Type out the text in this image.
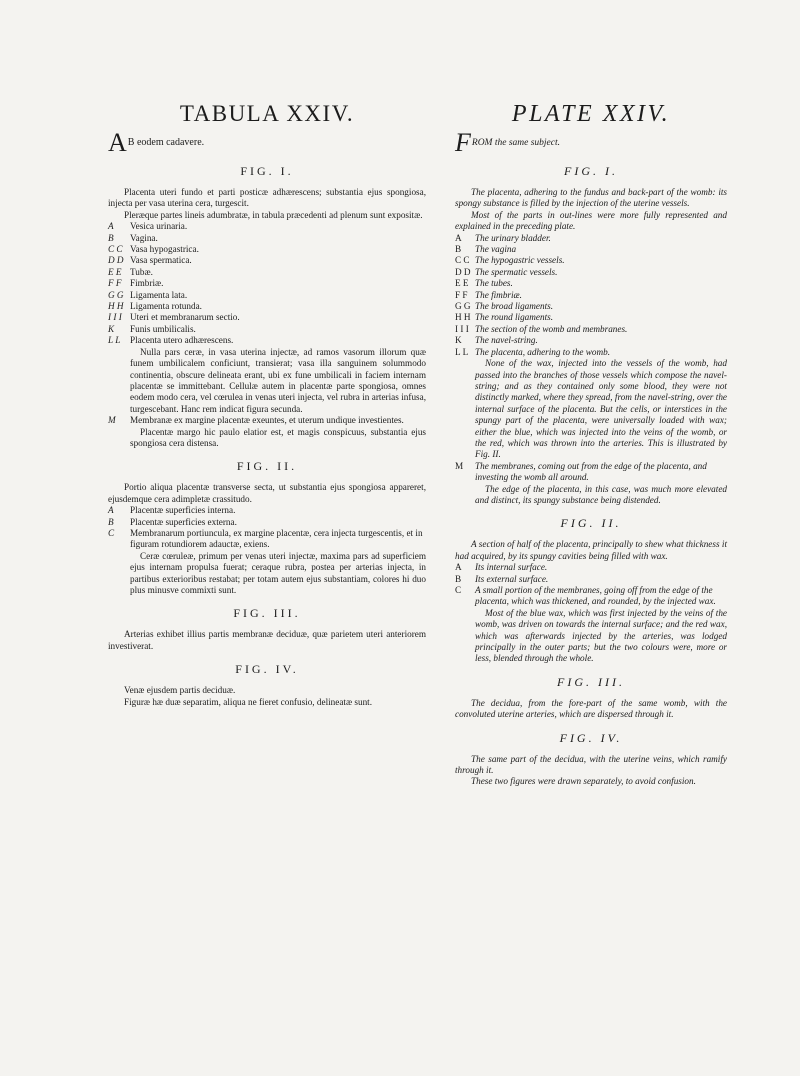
TABULA XXIV.

AB eodem cadavere.

FIG. I.

Placenta uteri fundo et parti posticæ adhærescens; substantia ejus spongiosa, injecta per vasa uterina cera, turgescit.

Pleræque partes lineis adumbratæ, in tabula præcedenti ad plenum sunt expositæ.

A	Vesica urinaria.
B	Vagina.
C C Vasa hypogastrica.
D D Vasa spermatica.
E E Tubæ.
F F Fimbriæ.
G G Ligamenta lata.
H H Ligamenta rotunda.
I I I Uteri et membranarum sectio.
K	Funis umbilicalis.
L L	Placenta utero adhærescens.

Nulla pars ceræ, in vasa uterina injectæ, ad ramos vasorum illorum quæ funem umbilicalem conficiunt, transierat; vasa illa sanguinem solummodo continentia, obscure delineata erant, ubi ex fune umbilicali in faciem internam placentæ se immittebant. Cellulæ autem in placentæ parte spongiosa, omnes eodem modo cera, vel cœrulea in venas uteri injecta, vel rubra in arterias infusa, turgescebant. Hanc rem indicat figura secunda.

M	Membranæ ex margine placentæ exeuntes, et uterum undique investientes.

Placentæ margo hic paulo elatior est, et magis conspicuus, substantia ejus spongiosa cera distensa.

FIG. II.

Portio aliqua placentæ transverse secta, ut substantia ejus spongiosa appareret, ejusdemque cera adimpletæ crassitudo.

A	Placentæ superficies interna.
B	Placentæ superficies externa.
C	Membranarum portiuncula, ex margine placentæ, cera injecta turgescentis, et in figuram rotundiorem adauctæ, exiens.

Ceræ cœruleæ, primum per venas uteri injectæ, maxima pars ad superficiem ejus internam propulsa fuerat; ceraque rubra, postea per arterias injecta, in partibus exterioribus restabat; per totam autem ejus substantiam, colores hi duo plus minusve commixti sunt.

FIG. III.

Arterias exhibet illius partis membranæ deciduæ, quæ parietem uteri anteriorem investiverat.

FIG. IV.

Venæ ejusdem partis deciduæ.

Figuræ hæ duæ separatim, aliqua ne fieret confusio, delineatæ sunt.

PLATE XXIV.

FROM the same subject.

FIG. I.

The placenta, adhering to the fundus and back-part of the womb: its spongy substance is filled by the injection of the uterine vessels.

Most of the parts in out-lines were more fully represented and explained in the preceding plate.

A	The urinary bladder.
B	The vagina
C C The hypogastric vessels.
D D The spermatic vessels.
E E The tubes.
F F The fimbriæ.
G G The broad ligaments.
H H The round ligaments.
I I I The section of the womb and membranes.
K	The navel-string.
L L The placenta, adhering to the womb.

None of the wax, injected into the vessels of the womb, had passed into the branches of those vessels which compose the navel-string; and as they contained only some blood, they were not distinctly marked, where they spread, from the navel-string, over the internal surface of the placenta. But the cells, or interstices in the spungy part of the placenta, were universally loaded with wax; either the blue, which was injected into the veins of the womb, or the red, which was thrown into the arteries. This is illustrated by Fig. II.

M	The membranes, coming out from the edge of the placenta, and investing the womb all around.

The edge of the placenta, in this case, was much more elevated and distinct, its spungy substance being distended.

FIG. II.

A section of half of the placenta, principally to shew what thickness it had acquired, by its spungy cavities being filled with wax.

A	Its internal surface.
B	Its external surface.
C	A small portion of the membranes, going off from the edge of the placenta, which was thickened, and rounded, by the injected wax.

Most of the blue wax, which was first injected by the veins of the womb, was driven on towards the internal surface; and the red wax, which was afterwards injected by the arteries, was lodged principally in the outer parts; but the two colours were, more or less, blended through the whole.

FIG. III.

The decidua, from the fore-part of the same womb, with the convoluted uterine arteries, which are dispersed through it.

FIG. IV.

The same part of the decidua, with the uterine veins, which ramify through it.

These two figures were drawn separately, to avoid confusion.
